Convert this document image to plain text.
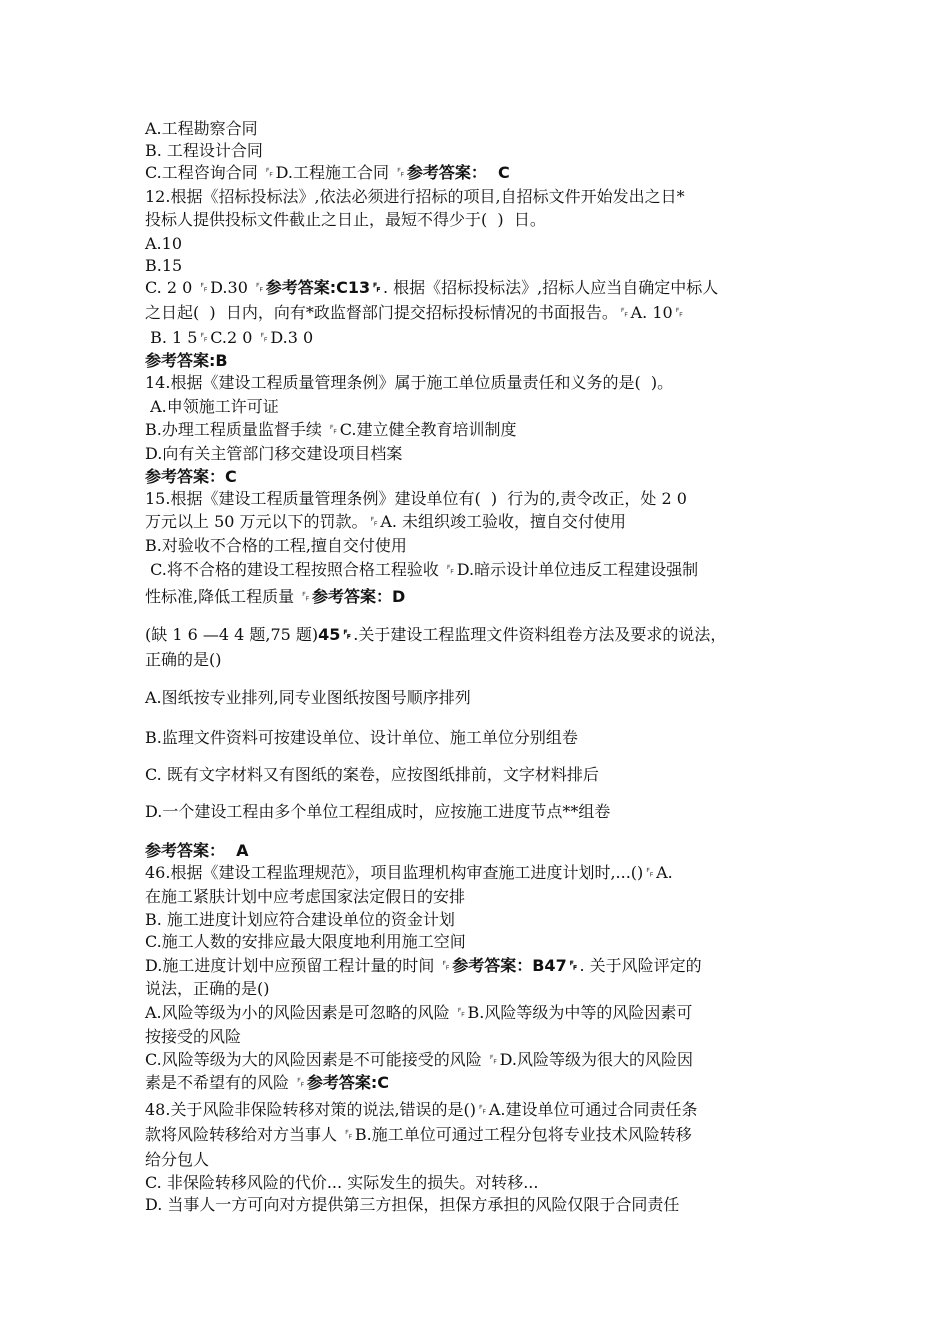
A.工程勘察合同
B. 工程设计合同
C.工程咨询合同 ␌D.工程施工合同 ␌参考答案：  C
12.根据《招标投标法》,依法必须进行招标的项目,自招标文件开始发出之日*
投标人提供投标文件截止之日止，最短不得少于(  )  日。
A.10
B.15
C. 2 0 ␌D.30 ␌参考答案:C13␌. 根据《招标投标法》,招标人应当自确定中标人
之日起(  )  日内，向有*政监督部门提交招标投标情况的书面报告。␌A. 10␌
B. 1 5␌C.2 0 ␌D.3 0
参考答案:B
14.根据《建设工程质量管理条例》属于施工单位质量责任和义务的是(  )。
A.申领施工许可证
B.办理工程质量监督手续 ␌C.建立健全教育培训制度
D.向有关主管部门移交建设项目档案
参考答案：C
15.根据《建设工程质量管理条例》建设单位有(  )  行为的,责令改正，处 2 0
万元以上 50 万元以下的罚款。␌A. 未组织竣工验收，擅自交付使用
B.对验收不合格的工程,擅自交付使用
C.将不合格的建设工程按照合格工程验收 ␌D.暗示设计单位违反工程建设强制
性标准,降低工程质量 ␌参考答案：D
(缺 1 6 —4 4 题,75 题)45␌.关于建设工程监理文件资料组卷方法及要求的说法，
正确的是()
A.图纸按专业排列,同专业图纸按图号顺序排列
B.监理文件资料可按建设单位、设计单位、施工单位分别组卷
C. 既有文字材料又有图纸的案卷，应按图纸排前，文字材料排后
D.一个建设工程由多个单位工程组成时，应按施工进度节点**组卷
参考答案：  A
46.根据《建设工程监理规范》，项目监理机构审查施工进度计划时,...()␌A.
在施工紧肤计划中应考虑国家法定假日的安排
B. 施工进度计划应符合建设单位的资金计划
C.施工人数的安排应最大限度地利用施工空间
D.施工进度计划中应预留工程计量的时间 ␌参考答案：B47␌. 关于风险评定的
说法，正确的是()
A.风险等级为小的风险因素是可忽略的风险 ␌B.风险等级为中等的风险因素可
按接受的风险
C.风险等级为大的风险因素是不可能接受的风险 ␌D.风险等级为很大的风险因
素是不希望有的风险 ␌参考答案:C
48.关于风险非保险转移对策的说法,错误的是()␌A.建设单位可通过合同责任条
款将风险转移给对方当事人 ␌B.施工单位可通过工程分包将专业技术风险转移
给分包人
C. 非保险转移风险的代价... 实际发生的损失。对转移...
D. 当事人一方可向对方提供第三方担保，担保方承担的风险仅限于合同责任
